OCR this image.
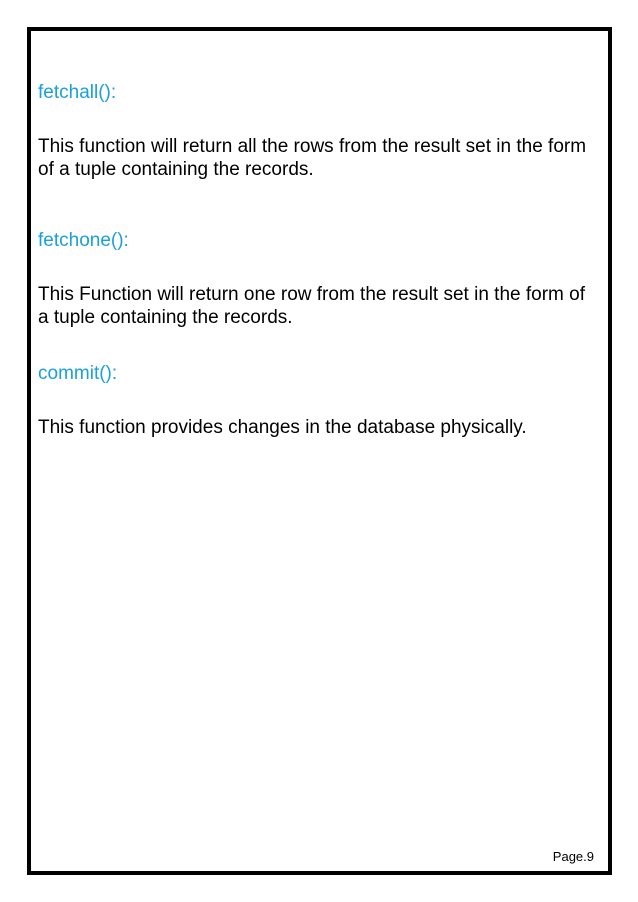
fetchall():

This function will return all the rows from the result set in the form of a tuple containing the records.

fetchone():

This Function will return one row from the result set in the form of a tuple containing the records.

commit():

This function provides changes in the database physically.

Page.9
